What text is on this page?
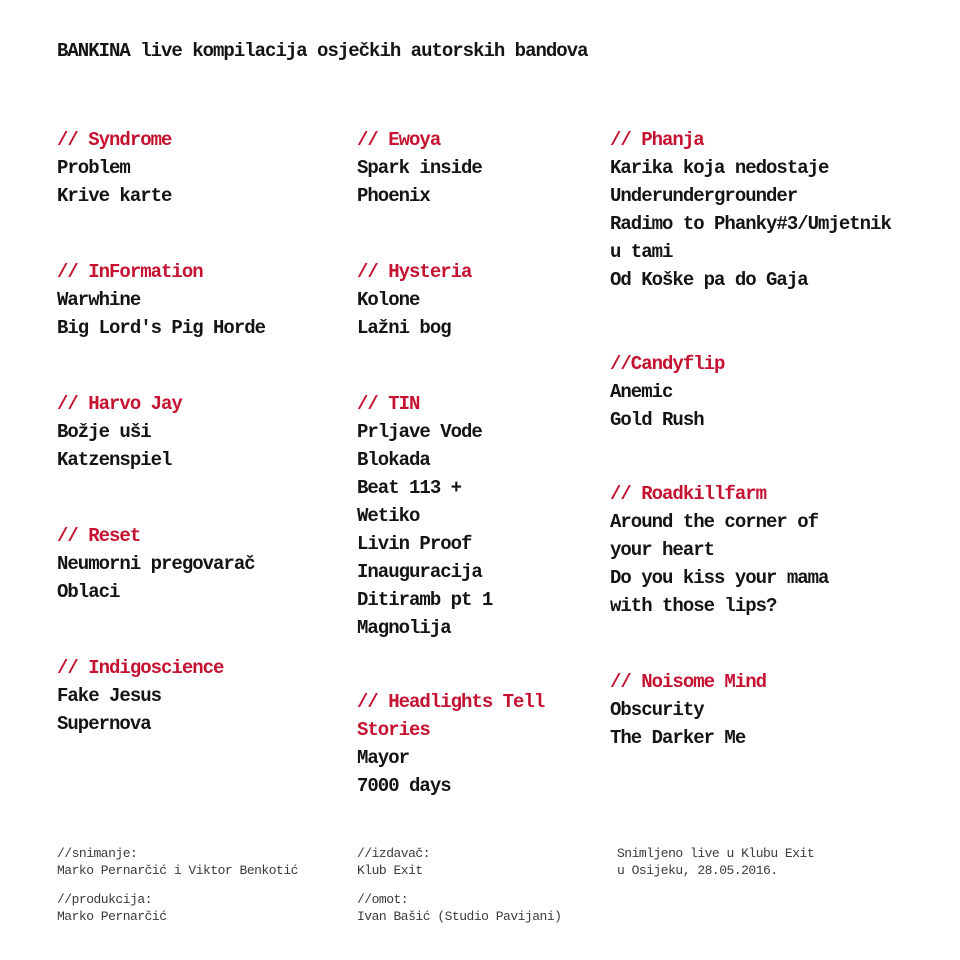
BANKINA live kompilacija osječkih autorskih bandova
// Syndrome
Problem
Krive karte
// InFormation
Warwhine
Big Lord's Pig Horde
// Harvo Jay
Božje uši
Katzenspiel
// Reset
Neumorni pregovarač
Oblaci
// Indigoscience
Fake Jesus
Supernova
// Ewoya
Spark inside
Phoenix
// Hysteria
Kolone
Lažni bog
// TIN
Prljave Vode
Blokada
Beat 113 +
Wetiko
Livin Proof
Inauguracija
Ditiramb pt 1
Magnolija
// Headlights Tell
Stories
Mayor
7000 days
// Phanja
Karika koja nedostaje
Underundergrounder
Radimo to Phanky#3/Umjetnik
u tami
Od Koške pa do Gaja
//Candyflip
Anemic
Gold Rush
// Roadkillfarm
Around the corner of
your heart
Do you kiss your mama
with those lips?
// Noisome Mind
Obscurity
The Darker Me
//snimanje:
Marko Pernarčić i Viktor Benkotić
//produkcija:
Marko Pernarčić
//izdavač:
Klub Exit
//omot:
Ivan Bašić (Studio Pavijani)
Snimljeno live u Klubu Exit
u Osijeku, 28.05.2016.
